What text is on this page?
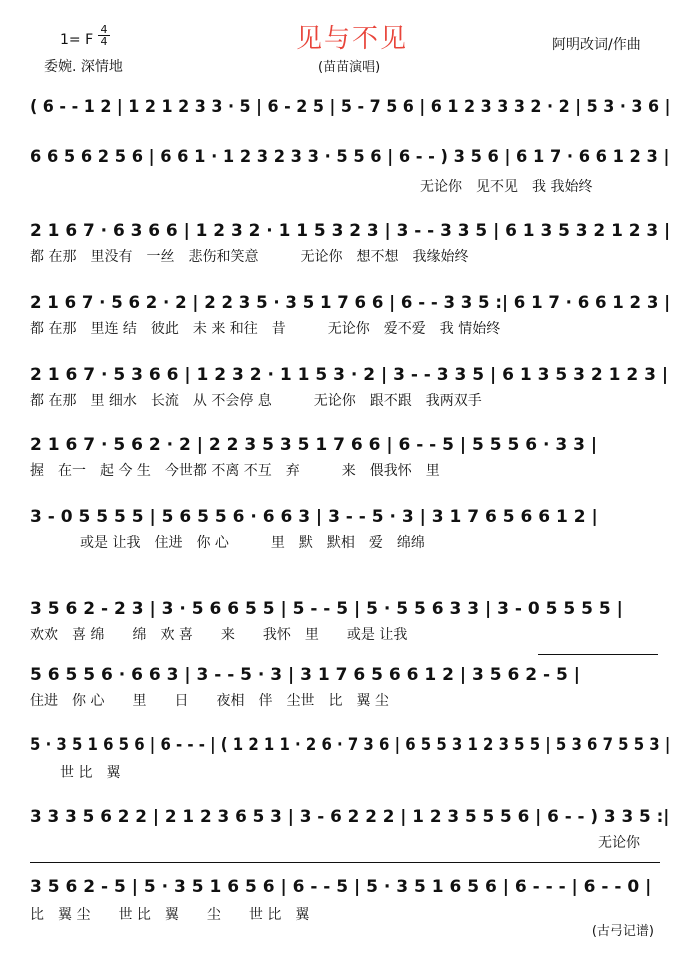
见与不见
1= F
4
4
委婉. 深情地	(苗苗演唱)
阿明改词/作曲
( 6 - - 1 2 | 1 2 1 2 3 3 · 5 | 6 - 2 5 | 5 - 7 5 6 | 6 1 2 3 3 3 2 · 2 | 5 3 · 3 6 |
6 6 5 6 2 5 6 | 6 6 1 · 1 2 3 2 3 3 · 5 5 6 | 6 - - ) 3 5 6 | 6 1 7 · 6 6 1 2 3 |
无论你　见不见　我 我始终
2 1 6 7 · 6 3 6 6 | 1 2 3 2 · 1 1 5 3 2 3 | 3 - - 3 3 5 | 6 1 3 5 3 2 1 2 3 |
都 在那　里没有　一丝　悲伤和笑意　　　无论你　想不想　我缘始终
2 1 6 7 · 5 6 2 · 2 | 2 2 3 5 · 3 5 1 7 6 6 | 6 - - 3 3 5 :| 6 1 7 · 6 6 1 2 3 |
都 在那　里连 结　彼此　未 来 和往　昔　　　无论你　爱不爱　我 情始终
2 1 6 7 · 5 3 6 6 | 1 2 3 2 · 1 1 5 3 · 2 | 3 - - 3 3 5 | 6 1 3 5 3 2 1 2 3 |
都 在那　里 细水　长流　从 不会停 息　　　无论你　跟不跟　我两双手
2 1 6 7 · 5 6 2 · 2 | 2 2 3 5 3 5 1 7 6 6 | 6 - - 5 | 5 5 5 6 · 3 3 |
握　在一　起 今 生　今世都 不离 不互　弃　　　来　偎我怀　里
3 - 0 5 5 5 5 | 5 6 5 5 6 · 6 6 3 | 3 - - 5 · 3 | 3 1 7 6 5 6 6 1 2 |
或是 让我　住进　你 心　　　里　默　默相　爱　绵绵
3 5 6 2 - 2 3 | 3 · 5 6 6 5 5 | 5 - - 5 | 5 · 5 5 6 3 3 | 3 - 0 5 5 5 5 |
欢欢　喜 绵　　绵　欢 喜　　来　　我怀　里　　或是 让我
5 6 5 5 6 · 6 6 3 | 3 - - 5 · 3 | 3 1 7 6 5 6 6 1 2 | 3 5 6 2 - 5 |
住进　你 心　　里　　日　　夜相　伴　尘世　比　翼 尘
5 · 3 5 1 6 5 6 | 6 - - - | ( 1 2 1 1 · 2 6 · 7 3 6 | 6 5 5 3 1 2 3 5 5 | 5 3 6 7 5 5 3 |
世 比　翼
3 3 3 5 6 2 2 | 2 1 2 3 6 5 3 | 3 - 6 2 2 2 | 1 2 3 5 5 5 6 | 6 - - ) 3 3 5 :|
无论你
3 5 6 2 - 5 | 5 · 3 5 1 6 5 6 | 6 - - 5 | 5 · 3 5 1 6 5 6 | 6 - - - | 6 - - 0 |
比　翼 尘　　世 比　翼　　尘　　世 比　翼
(古弓记谱)
